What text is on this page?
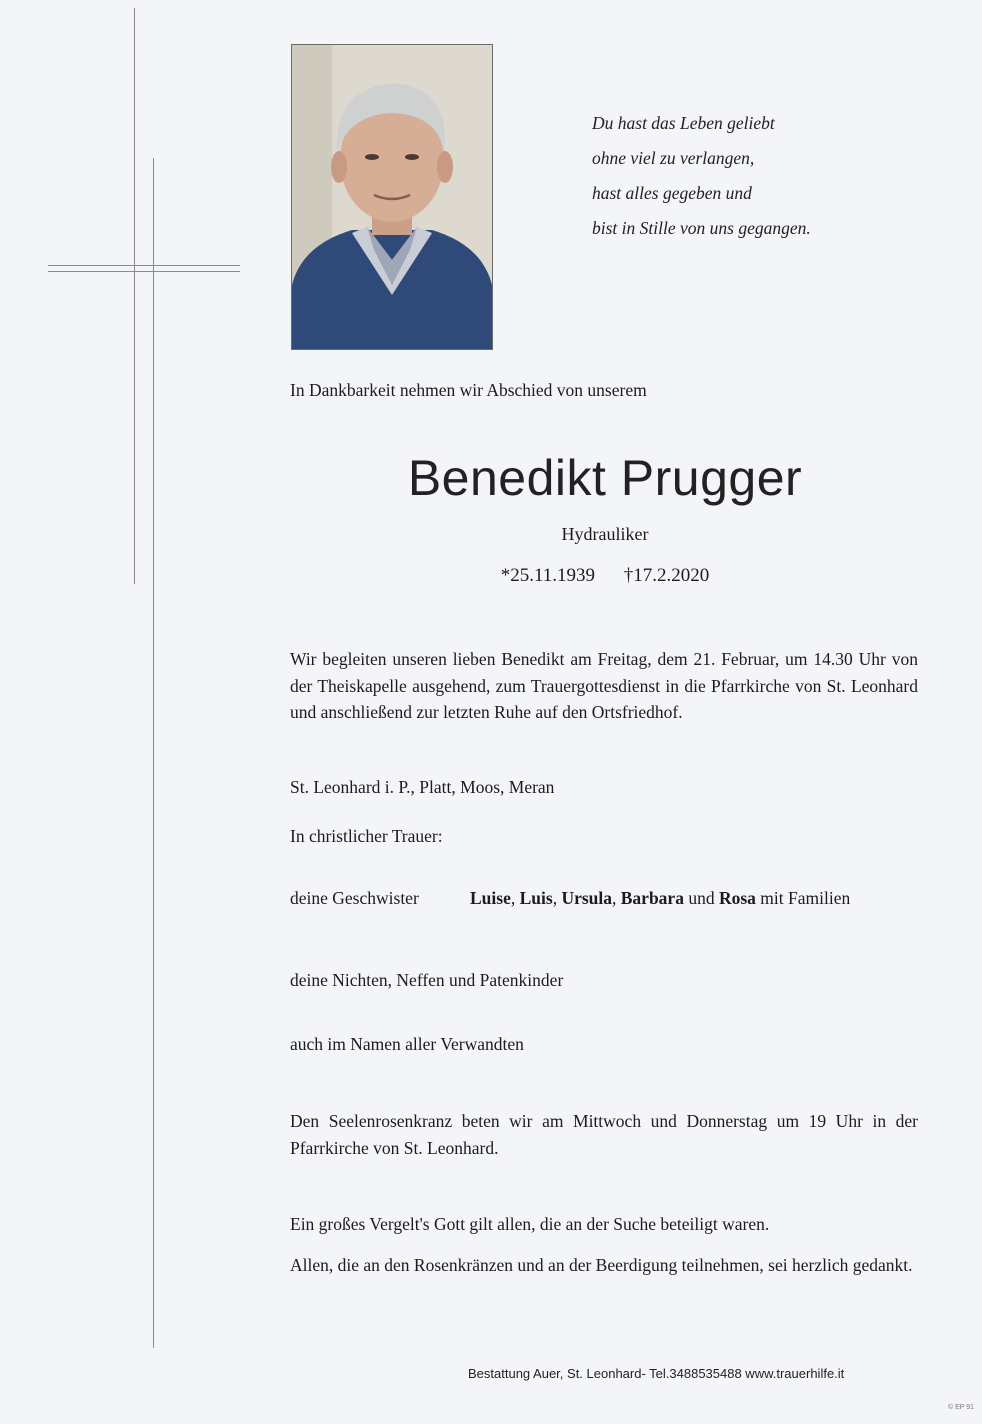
Du hast das Leben geliebt
ohne viel zu verlangen,
hast alles gegeben und
bist in Stille von uns gegangen.
In Dankbarkeit nehmen wir Abschied von unserem
Benedikt Prugger
Hydrauliker
*25.11.1939 †17.2.2020
Wir begleiten unseren lieben Benedikt am Freitag, dem 21. Februar, um 14.30 Uhr von der Theiskapelle ausgehend, zum Trauergottesdienst in die Pfarrkirche von St. Leonhard und anschließend zur letzten Ruhe auf den Ortsfriedhof.
St. Leonhard i. P., Platt, Moos, Meran
In christlicher Trauer:
deine Geschwister	Luise, Luis, Ursula, Barbara und Rosa mit Familien
deine Nichten, Neffen und Patenkinder
auch im Namen aller Verwandten
Den Seelenrosenkranz beten wir am Mittwoch und Donnerstag um 19 Uhr in der Pfarrkirche von St. Leonhard.
Ein großes Vergelt's Gott gilt allen, die an der Suche beteiligt waren.
Allen, die an den Rosenkränzen und an der Beerdigung teilnehmen, sei herzlich gedankt.
Bestattung Auer, St. Leonhard- Tel.3488535488 www.trauerhilfe.it
© EP 91
